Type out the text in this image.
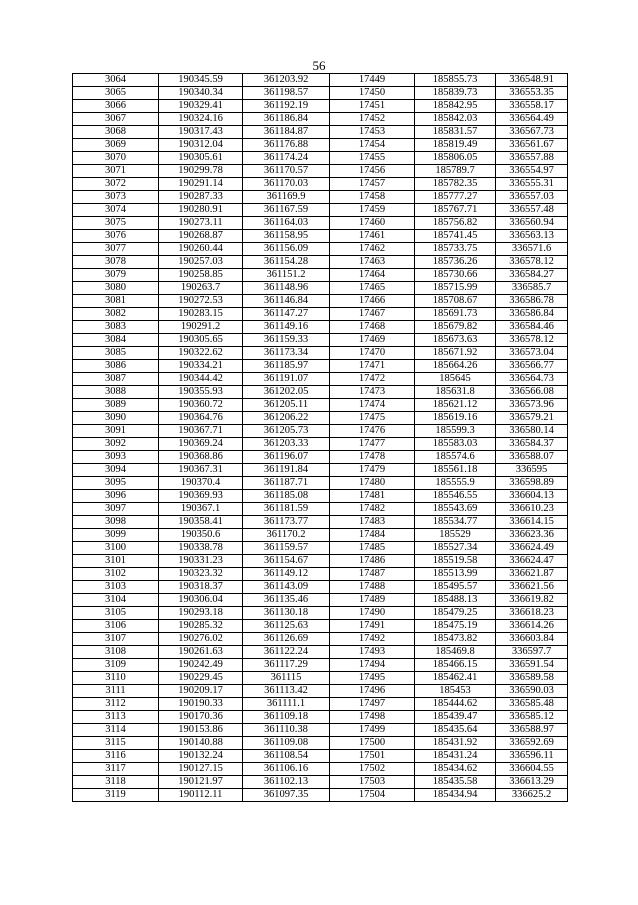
56
3064	190345.59	361203.92	17449	185855.73	336548.91
3065	190340.34	361198.57	17450	185839.73	336553.35
3066	190329.41	361192.19	17451	185842.95	336558.17
3067	190324.16	361186.84	17452	185842.03	336564.49
3068	190317.43	361184.87	17453	185831.57	336567.73
3069	190312.04	361176.88	17454	185819.49	336561.67
3070	190305.61	361174.24	17455	185806.05	336557.88
3071	190299.78	361170.57	17456	185789.7	336554.97
3072	190291.14	361170.03	17457	185782.35	336555.31
3073	190287.33	361169.9	17458	185777.27	336557.03
3074	190280.91	361167.59	17459	185767.71	336557.48
3075	190273.11	361164.03	17460	185756.82	336560.94
3076	190268.87	361158.95	17461	185741.45	336563.13
3077	190260.44	361156.09	17462	185733.75	336571.6
3078	190257.03	361154.28	17463	185736.26	336578.12
3079	190258.85	361151.2	17464	185730.66	336584.27
3080	190263.7	361148.96	17465	185715.99	336585.7
3081	190272.53	361146.84	17466	185708.67	336586.78
3082	190283.15	361147.27	17467	185691.73	336586.84
3083	190291.2	361149.16	17468	185679.82	336584.46
3084	190305.65	361159.33	17469	185673.63	336578.12
3085	190322.62	361173.34	17470	185671.92	336573.04
3086	190334.21	361185.97	17471	185664.26	336566.77
3087	190344.42	361191.07	17472	185645	336564.73
3088	190355.93	361202.05	17473	185631.8	336566.08
3089	190360.72	361205.11	17474	185621.12	336573.96
3090	190364.76	361206.22	17475	185619.16	336579.21
3091	190367.71	361205.73	17476	185599.3	336580.14
3092	190369.24	361203.33	17477	185583.03	336584.37
3093	190368.86	361196.07	17478	185574.6	336588.07
3094	190367.31	361191.84	17479	185561.18	336595
3095	190370.4	361187.71	17480	185555.9	336598.89
3096	190369.93	361185.08	17481	185546.55	336604.13
3097	190367.1	361181.59	17482	185543.69	336610.23
3098	190358.41	361173.77	17483	185534.77	336614.15
3099	190350.6	361170.2	17484	185529	336623.36
3100	190338.78	361159.57	17485	185527.34	336624.49
3101	190331.23	361154.67	17486	185519.58	336624.47
3102	190323.32	361149.12	17487	185513.99	336621.87
3103	190318.37	361143.09	17488	185495.57	336621.56
3104	190306.04	361135.46	17489	185488.13	336619.82
3105	190293.18	361130.18	17490	185479.25	336618.23
3106	190285.32	361125.63	17491	185475.19	336614.26
3107	190276.02	361126.69	17492	185473.82	336603.84
3108	190261.63	361122.24	17493	185469.8	336597.7
3109	190242.49	361117.29	17494	185466.15	336591.54
3110	190229.45	361115	17495	185462.41	336589.58
3111	190209.17	361113.42	17496	185453	336590.03
3112	190190.33	361111.1	17497	185444.62	336585.48
3113	190170.36	361109.18	17498	185439.47	336585.12
3114	190153.86	361110.38	17499	185435.64	336588.97
3115	190140.88	361109.08	17500	185431.92	336592.69
3116	190132.24	361108.54	17501	185431.24	336596.11
3117	190127.15	361106.16	17502	185434.62	336604.55
3118	190121.97	361102.13	17503	185435.58	336613.29
3119	190112.11	361097.35	17504	185434.94	336625.2
